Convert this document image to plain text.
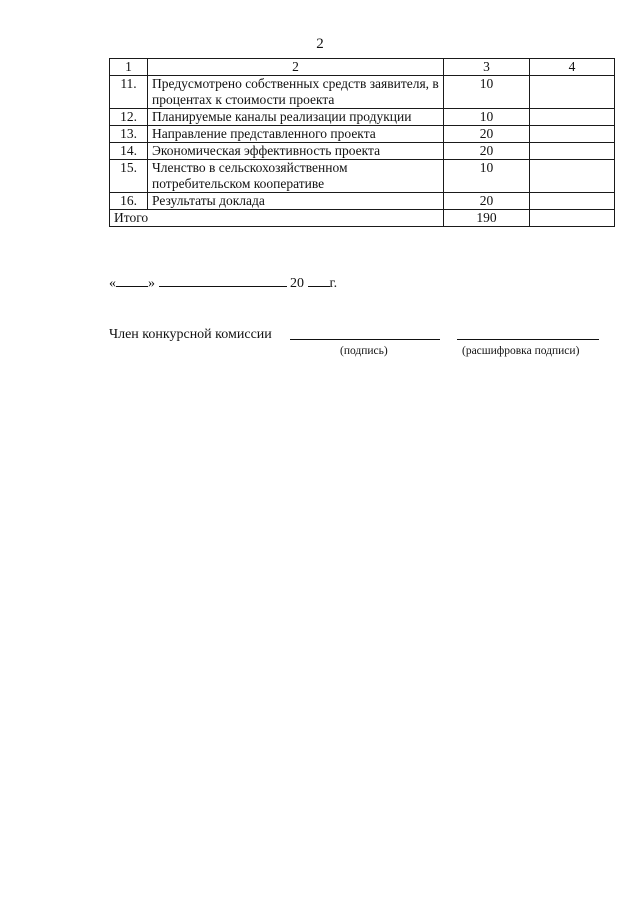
2
1	2	3	4
11.	Предусмотрено собственных средств заявителя, в процентах к стоимости проекта	10	
12.	Планируемые каналы реализации продукции	10	
13.	Направление представленного проекта	20	
14.	Экономическая эффективность проекта	20	
15.	Членство в сельскохозяйственном потребительском кооперативе	10	
16.	Результаты доклада	20	
Итого		190	
« »	20 г.
Член конкурсной комиссии
(подпись)	(расшифровка подписи)
